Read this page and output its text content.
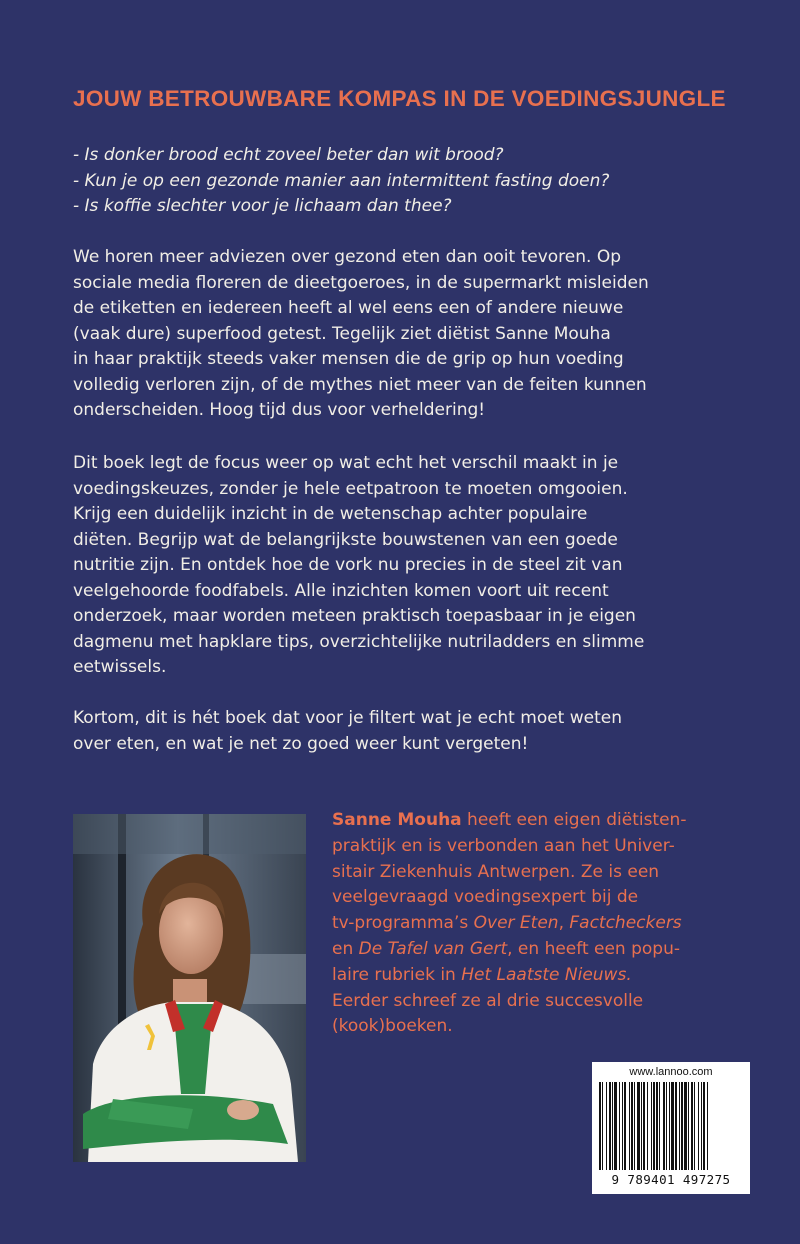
JOUW BETROUWBARE KOMPAS IN DE VOEDINGSJUNGLE
- Is donker brood echt zoveel beter dan wit brood?
- Kun je op een gezonde manier aan intermittent fasting doen?
- Is koffie slechter voor je lichaam dan thee?

We horen meer adviezen over gezond eten dan ooit tevoren. Op
sociale media floreren de dieetgoeroes, in de supermarkt misleiden
de etiketten en iedereen heeft al wel eens een of andere nieuwe
(vaak dure) superfood getest. Tegelijk ziet diëtist Sanne Mouha
in haar praktijk steeds vaker mensen die de grip op hun voeding
volledig verloren zijn, of de mythes niet meer van de feiten kunnen
onderscheiden. Hoog tijd dus voor verheldering!

Dit boek legt de focus weer op wat echt het verschil maakt in je
voedingskeuzes, zonder je hele eetpatroon te moeten omgooien.
Krijg een duidelijk inzicht in de wetenschap achter populaire
diëten. Begrijp wat de belangrijkste bouwstenen van een goede
nutritie zijn. En ontdek hoe de vork nu precies in de steel zit van
veelgehoorde foodfabels. Alle inzichten komen voort uit recent
onderzoek, maar worden meteen praktisch toepasbaar in je eigen
dagmenu met hapklare tips, overzichtelijke nutriladders en slimme
eetwissels.

Kortom, dit is hét boek dat voor je filtert wat je echt moet weten
over eten, en wat je net zo goed weer kunt vergeten!

Sanne Mouha heeft een eigen diëtisten-
praktijk en is verbonden aan het Univer-
sitair Ziekenhuis Antwerpen. Ze is een
veelgevraagd voedingsexpert bij de
tv-programma’s Over Eten, Factcheckers
en De Tafel van Gert, en heeft een popu-
laire rubriek in Het Laatste Nieuws.
Eerder schreef ze al drie succesvolle
(kook)boeken.
www.lannoo.com
9 789401 497275
